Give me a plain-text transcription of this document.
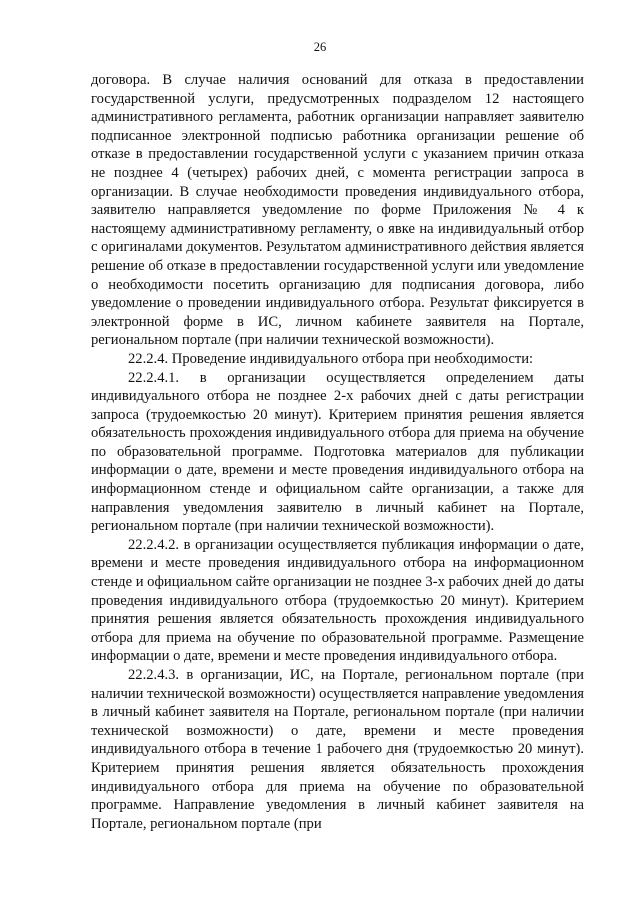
26

договора. В случае наличия оснований для отказа в предоставлении государственной услуги, предусмотренных подразделом 12 настоящего административного регламента, работник организации направляет заявителю подписанное электронной подписью работника организации решение об отказе в предоставлении государственной услуги с указанием причин отказа не позднее 4 (четырех) рабочих дней, с момента регистрации запроса в организации. В случае необходимости проведения индивидуального отбора, заявителю направляется уведомление по форме Приложения № 4 к настоящему административному регламенту, о явке на индивидуальный отбор с оригиналами документов. Результатом административного действия является решение об отказе в предоставлении государственной услуги или уведомление о необходимости посетить организацию для подписания договора, либо уведомление о проведении индивидуального отбора. Результат фиксируется в электронной форме в ИС, личном кабинете заявителя на Портале, региональном портале (при наличии технической возможности).

22.2.4. Проведение индивидуального отбора при необходимости:

22.2.4.1. в организации осуществляется определением даты индивидуального отбора не позднее 2-х рабочих дней с даты регистрации запроса (трудоемкостью 20 минут). Критерием принятия решения является обязательность прохождения индивидуального отбора для приема на обучение по образовательной программе. Подготовка материалов для публикации информации о дате, времени и месте проведения индивидуального отбора на информационном стенде и официальном сайте организации, а также для направления уведомления заявителю в личный кабинет на Портале, региональном портале (при наличии технической возможности).

22.2.4.2. в организации осуществляется публикация информации о дате, времени и месте проведения индивидуального отбора на информационном стенде и официальном сайте организации не позднее 3-х рабочих дней до даты проведения индивидуального отбора (трудоемкостью 20 минут). Критерием принятия решения является обязательность прохождения индивидуального отбора для приема на обучение по образовательной программе. Размещение информации о дате, времени и месте проведения индивидуального отбора.

22.2.4.3. в организации, ИС, на Портале, региональном портале (при наличии технической возможности) осуществляется направление уведомления в личный кабинет заявителя на Портале, региональном портале (при наличии технической возможности) о дате, времени и месте проведения индивидуального отбора в течение 1 рабочего дня (трудоемкостью 20 минут). Критерием принятия решения является обязательность прохождения индивидуального отбора для приема на обучение по образовательной программе. Направление уведомления в личный кабинет заявителя на Портале, региональном портале (при
